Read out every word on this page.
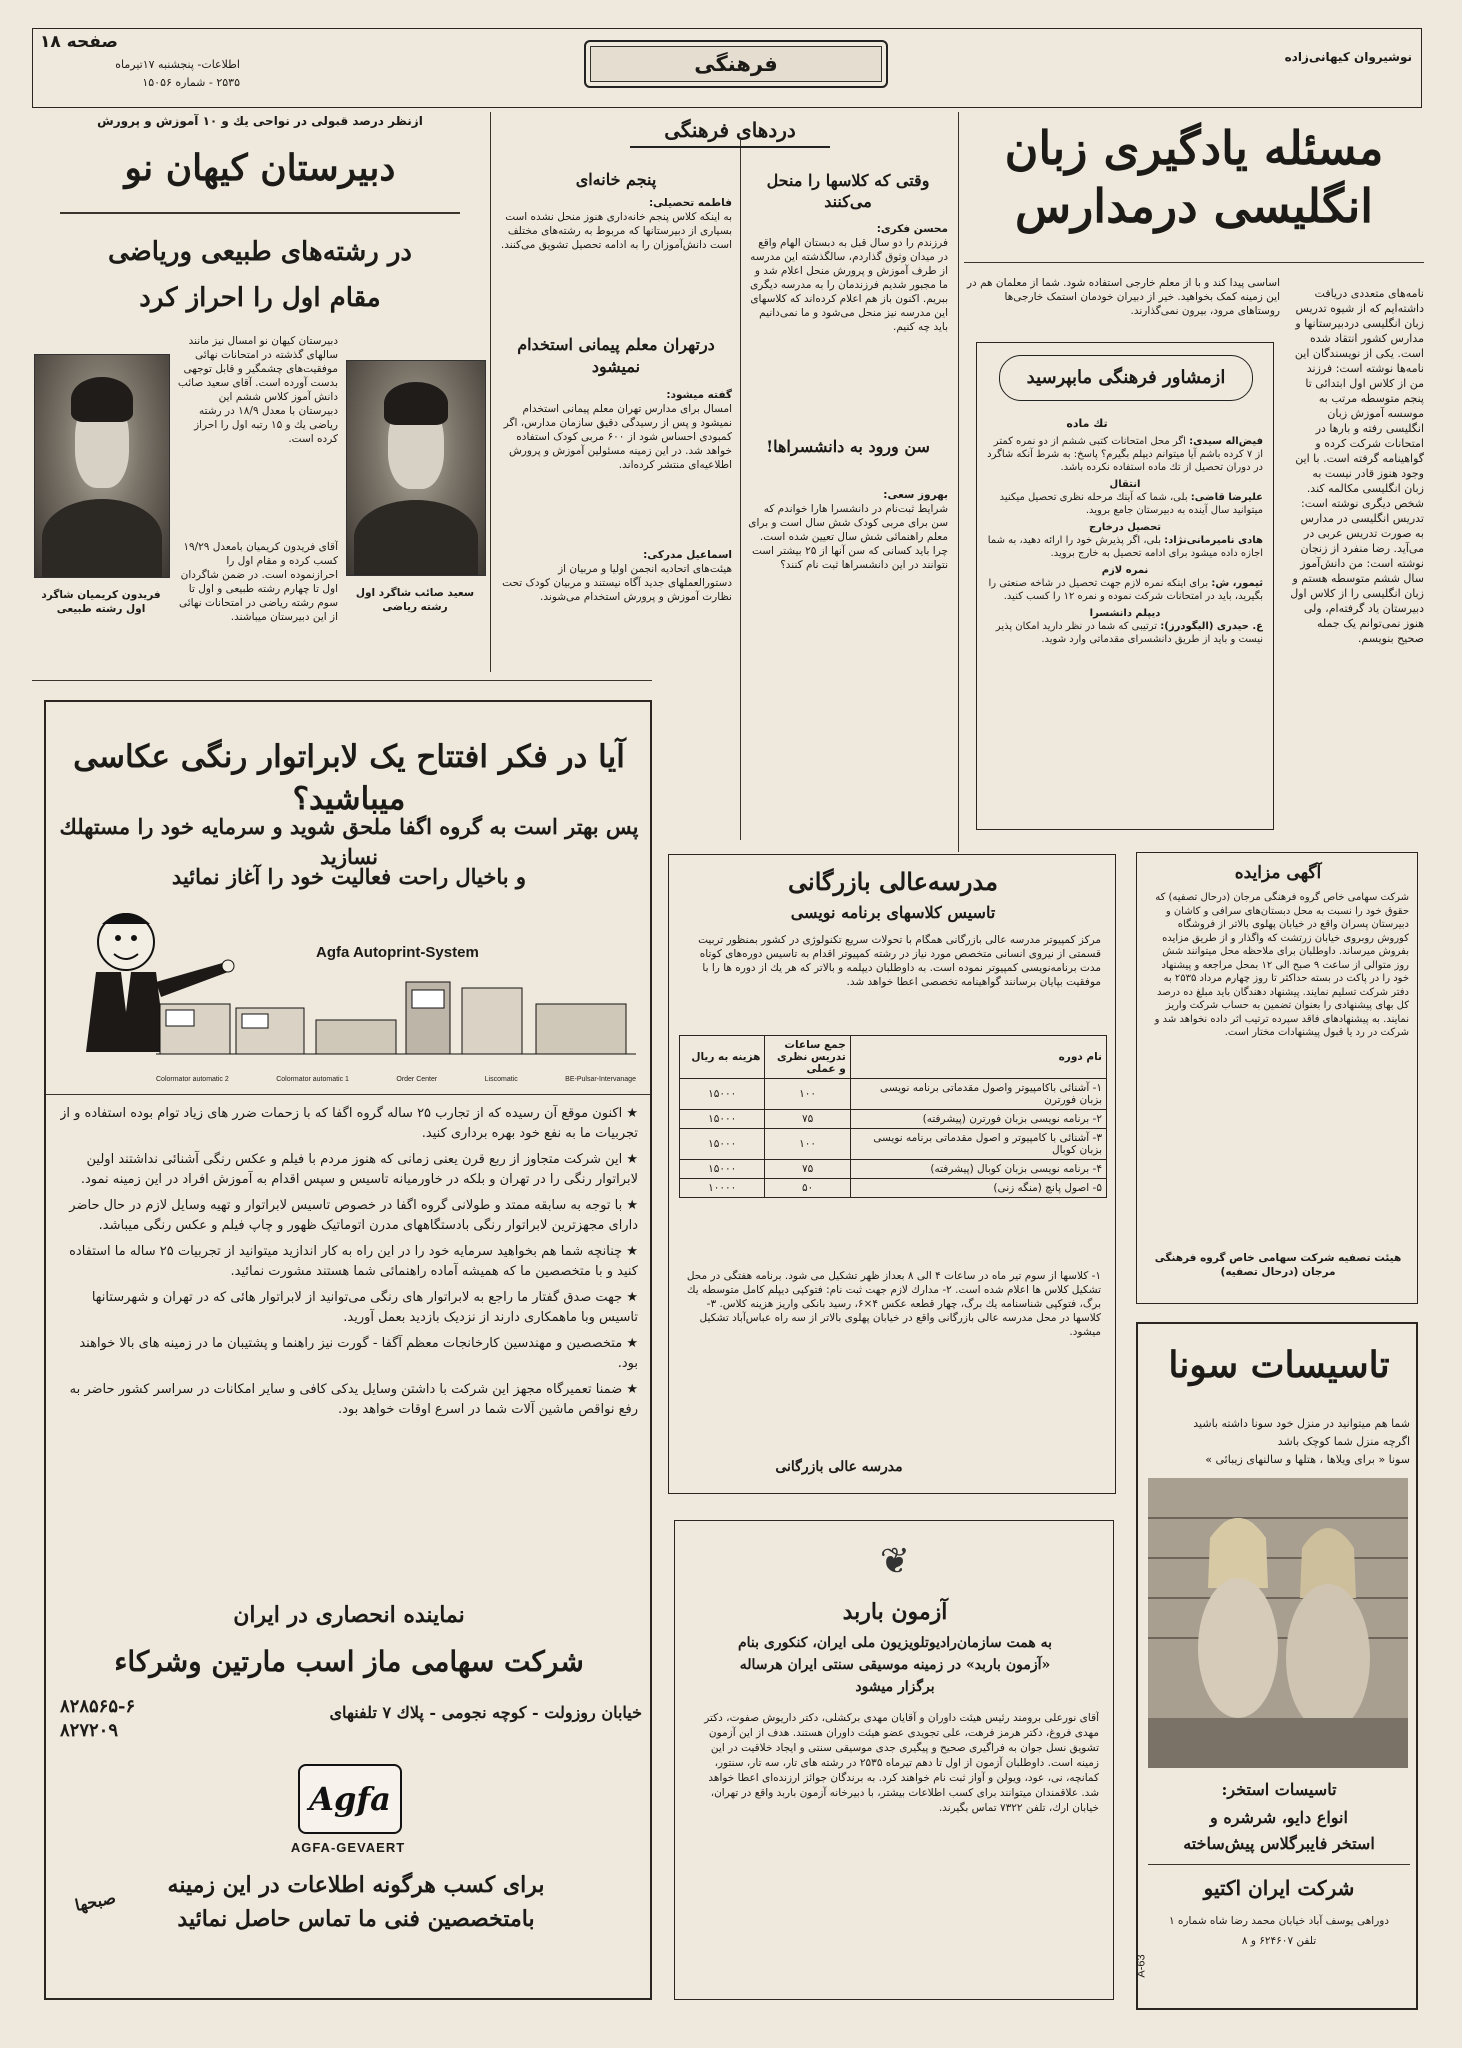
صفحه ۱۸
اطلاعات- پنجشنبه ۱۷تیرماه
۲۵۳۵ - شماره ۱۵۰۵۶
فرهنگی	نوشیروان کیهانی‌زاده
مسئله یادگیری زبان
انگلیسی درمدارس
نامه‌های متعددی دریافت داشته‌ایم که از شیوه تدریس زبان انگلیسی دردبیرستانها و مدارس کشور انتقاد شده است. یکی از نویسندگان این نامه‌ها نوشته است: فرزند من از کلاس اول ابتدائی تا پنجم متوسطه مرتب به موسسه آموزش زبان انگلیسی رفته و بارها در امتحانات شرکت کرده و گواهینامه گرفته است. با این وجود هنوز قادر نیست به زبان انگلیسی مکالمه کند. شخص دیگری نوشته است: تدریس انگلیسی در مدارس به صورت تدریس عربی در می‌آید. رضا منفرد از زنجان نوشته است: من دانش‌آموز سال ششم متوسطه هستم و زبان انگلیسی را از کلاس اول دبیرستان یاد گرفته‌ام، ولی هنوز نمی‌توانم یک جمله صحیح بنویسم.
اساسی پیدا کند و با از معلم خارجی استفاده شود. شما از معلمان هم در این زمینه کمک بخواهید. خیر از دبیران خودمان استمک خارجی‌ها روستاهای مرود، بیرون نمی‌گذارند.
ازمشاور فرهنگی مابپرسید
تك ماده
فیض‌اله سیدی: اگر محل امتحانات کتبی ششم از دو نمره کمتر از ۷ کرده باشم آیا میتوانم دیپلم بگیرم؟ پاسخ: به شرط آنکه شاگرد در دوران تحصیل از تك ماده استفاده نکرده باشد.
انتقال
علیرضا قاضی: بلی، شما که آینك مرحله نظری تحصیل میکنید میتوانید سال آینده به دبیرستان جامع بروید.
تحصیل درخارج
هادی نامیرمانی‌نژاد: بلی، اگر پذیرش خود را ارائه دهید، به شما اجازه داده میشود برای ادامه تحصیل به خارج بروید.
نمره لازم
ثیمور، ش: برای اینکه نمره لازم جهت تحصیل در شاخه صنعتی را بگیرید، باید در امتحانات شرکت نموده و نمره ۱۲ را کسب کنید.
دیپلم دانشسرا
ع. حیدری (الیگودرز): ترتیبی که شما در نظر دارید امکان پذیر نیست و باید از طریق دانشسرای مقدماتی وارد شوید.
دردهای فرهنگی
وقتی که کلاسها را منحل می‌کنند
محسن فکری:
فرزندم را دو سال قبل به دبستان الهام واقع در میدان وثوق گذاردم، سالگذشته این مدرسه از طرف آموزش و پرورش منحل اعلام شد و ما مجبور شدیم فرزندمان را به مدرسه دیگری ببریم. اکنون باز هم اعلام کرده‌اند که کلاسهای این مدرسه نیز منحل می‌شود و ما نمی‌دانیم باید چه کنیم.
سن ورود به دانشسراها!
بهروز سعی:
شرایط ثبت‌نام در دانشسرا هارا خواندم که سن برای مربی کودک شش سال است و برای معلم راهنمائی شش سال تعیین شده است. چرا باید کسانی که سن آنها از ۲۵ بیشتر است نتوانند در این دانشسراها ثبت نام کنند؟
پنجم خانه‌ای
فاطمه تحصیلی:
به اینکه کلاس پنجم خانه‌داری هنوز منحل نشده است بسیاری از دبیرستانها که مربوط به رشته‌های مختلف است دانش‌آموزان را به ادامه تحصیل تشویق می‌کنند.
درتهران معلم پیمانی استخدام نمیشود
گفته میشود:
امسال برای مدارس تهران معلم پیمانی استخدام نمیشود و پس از رسیدگی دقیق‌ سازمان مدارس، اگر کمبودی احساس شود از ۶۰۰ مربی کودک استفاده خواهد شد. در این زمینه مسئولین آموزش و پرورش اطلاعیه‌ای منتشر کرده‌اند.
اسماعیل مدرکی:
هیئت‌های اتحادیه انجمن اولیا و مربیان از دستورالعملهای جدید آگاه نیستند و مربیان کودک تحت نظارت آموزش و پرورش استخدام می‌شوند.
ازنظر درصد قبولی در نواحی یك و ۱۰ آموزش و پرورش
دبیرستان کیهان نو
در رشته‌های طبیعی وریاضی
مقام اول را احراز کرد
فریدون کریمیان شاگرد اول رشته طبیعی
سعید صائب شاگرد اول رشته ریاضی
دبیرستان کیهان نو امسال نیز مانند سالهای گذشته در امتحانات نهائی موفقیت‌های چشمگیر و قابل توجهی بدست آورده است. آقای سعید صائب دانش آموز کلاس ششم این دبیرستان با معدل ۱۸/۹ در رشته ریاضی یك و ۱۵ رتبه اول را احراز کرده است.
آقای فریدون کریمیان بامعدل ۱۹/۲۹ کسب کرده و مقام اول را احرازنموده است. در ضمن شاگردان اول تا چهارم رشته طبیعی و اول تا سوم رشته ریاضی در امتحانات نهائی از این دبیرستان میباشند.
آیا در فکر افتتاح یک لابراتوار رنگی عکاسی میباشید؟
پس بهتر است به گروه اگفا ملحق شوید و سرمایه خود را مستهلك نسازید
و باخیال راحت فعالیت خود را آغاز نمائید
Agfa Autoprint-System
Colormator automatic 2	Colormator automatic 1	Order Center	Liscomatic	BE-Pulsar-Intervanage
★ اکنون موقع آن رسیده که از تجارب ۲۵ ساله گروه اگفا که با زحمات ضرر های زیاد توام بوده استفاده و از تجربیات ما به نفع خود بهره برداری کنید.
★ این شرکت متجاوز از ربع قرن یعنی زمانی که هنوز مردم با فیلم و عکس رنگی آشنائی نداشتند اولین لابراتوار رنگی را در تهران و بلکه در خاورمیانه تاسیس و سپس اقدام به آموزش افراد در این زمینه نمود.
★ با توجه به سابقه ممتد و طولانی گروه اگفا در خصوص تاسیس لابراتوار و تهیه وسایل لازم در حال حاضر دارای مجهزترین لابراتوار رنگی بادستگاههای مدرن اتوماتیک ظهور و چاپ فیلم و عکس رنگی میباشد.
★ چنانچه شما هم بخواهید سرمایه خود را در این راه به کار اندازید میتوانید از تجربیات ۲۵ ساله ما استفاده کنید و با متخصصین ما که همیشه آماده راهنمائی شما هستند مشورت نمائید.
★ جهت صدق گفتار ما راجع به لابراتوار های رنگی می‌توانید از لابراتوار هائی که در تهران و شهرستانها تاسیس وبا ماهمکاری دارند از نزدیک بازدید بعمل آورید.
★ متخصصین و مهندسین کارخانجات معظم آگفا - گورت نیز راهنما و پشتیبان ما در زمینه های بالا خواهند بود.
★ ضمنا تعمیرگاه مجهز این شرکت با داشتن وسایل یدکی کافی و سایر امکانات در سراسر کشور حاضر به رفع نواقص ماشین آلات شما در اسرع اوقات خواهد بود.
نماینده انحصاری در ایران
شرکت سهامی ماز اسب مارتین وشرکاء
خیابان روزولت - کوچه نجومی - پلاك ۷ تلفنهای
۸۲۸۵۶۵-۶
۸۲۷۲۰۹
Agfa
AGFA-GEVAERT
برای کسب هرگونه اطلاعات در این زمینه
بامتخصصین فنی ما تماس حاصل نمائید
صبحها
مدرسه‌عالی بازرگانی
تاسیس کلاسهای برنامه نویسی
مرکز کمپیوتر مدرسه عالی بازرگانی همگام با تحولات سریع تکنولوژی در کشور بمنظور تربیت قسمتی از نیروی انسانی متخصص مورد نیاز در رشته کمپیوتر اقدام به تاسیس دوره‌های کوتاه مدت برنامه‌نویسی کمپیوتر نموده است. به داوطلبان دیپلمه و بالاتر که هر یك از دوره ها را با موفقیت بپایان برسانند گواهینامه تخصصی اعطا خواهد شد.
نام دوره	جمع ساعات تدریس نظری و عملی	هزینه به ریال
۱- آشنائی باکامپیوتر واصول مقدماتی برنامه نویسی بزبان فورترن	۱۰۰	۱۵۰۰۰
۲- برنامه نویسی بزبان فورترن (پیشرفته)	۷۵	۱۵۰۰۰
۳- آشنائی با کامپیوتر و اصول مقدماتی برنامه نویسی بزبان کوبال	۱۰۰	۱۵۰۰۰
۴- برنامه نویسی بزبان کوبال (پیشرفته)	۷۵	۱۵۰۰۰
۵- اصول پانچ (منگه زنی)	۵۰	۱۰۰۰۰
۱- کلاسها از سوم‌ تیر ماه در ساعات ۴ الی ۸ بعداز ظهر تشکیل می شود. برنامه هفتگی در محل تشکیل کلاس ها اعلام شده است. ۲- مدارك لازم جهت ثبت نام: فتوکپی دیپلم کامل متوسطه یك برگ، فتوکپی شناسنامه یك برگ، چهار قطعه عکس ۴×۶، رسید بانکی واریز هزینه کلاس. ۳- کلاسها در محل مدرسه عالی بازرگانی واقع در خیابان پهلوی بالاتر از سه راه عباس‌آباد تشکیل میشود.
مدرسه عالی بازرگانی
آگهی مزایده
شرکت سهامی خاص گروه فرهنگی مرجان (درحال تصفیه) که حقوق خود را نسبت به محل دبستان‌های سرافی و کاشان و دبیرستان پسران واقع در خیابان پهلوی بالاتر از فروشگاه کوروش روبروی خیابان زرتشت که واگذار و از طریق مزایده بفروش میرساند. داوطلبان برای ملاحظه محل میتوانند شش روز متوالی از ساعت ۹ صبح الی ۱۲ بمحل مراجعه و پیشنهاد خود را در پاکت در بسته حداکثر تا روز چهارم مرداد ۲۵۳۵ به دفتر شرکت تسلیم نمایند. پیشنهاد دهندگان باید مبلغ ده درصد کل بهای پیشنهادی را بعنوان تضمین به حساب شرکت واریز نمایند. به پیشنهادهای فاقد سپرده ترتیب اثر داده نخواهد شد و شرکت در رد یا قبول پیشنهادات مختار است.
هیئت تصفیه شرکت سهامی خاص گروه فرهنگی مرجان (درحال تصفیه)
تاسیسات سونا
شما هم میتوانید در منزل خود سونا داشته باشید
اگرچه منزل شما کوچک باشد
سونا « برای ویلاها ، هتلها و سالنهای زیبائی »
تاسیسات استخر:
انواع دایو، شرشره و
استخر فایبرگلاس پیش‌ساخته
شرکت ایران اکتیو
دوراهی یوسف آباد خیابان محمد رضا شاه شماره ۱
تلفن ۶۲۴۶۰۷ و ۸
A-63
❦
آزمون باربد
به همت سازمان‌رادیوتلویزیون ملی ایران، کنکوری بنام
«آزمون باربد» در زمینه موسیقی سنتی ایران هرساله
برگزار میشود
آقای نورعلی برومند رئیس هیئت داوران و آقایان مهدی برکشلی، دکتر داریوش صفوت، دکتر مهدی فروغ، دکتر هرمز فرهت، علی تجویدی عضو هیئت داوران هستند. هدف از این آزمون تشویق نسل جوان به فراگیری صحیح و پیگیری جدی موسیقی سنتی و ایجاد خلاقیت در این زمینه است. داوطلبان آزمون از اول تا دهم تیرماه ۲۵۳۵ در رشته های تار، سه تار، سنتور، کمانچه، نی، عود، ویولن و آواز ثبت نام خواهند کرد. به برندگان جوائز ارزنده‌ای اعطا خواهد شد. علاقمندان میتوانند برای کسب اطلاعات بیشتر، با دبیرخانه آزمون باربد واقع در تهران، خیابان ارك، تلفن ۷۳۲۲ تماس بگیرند.
